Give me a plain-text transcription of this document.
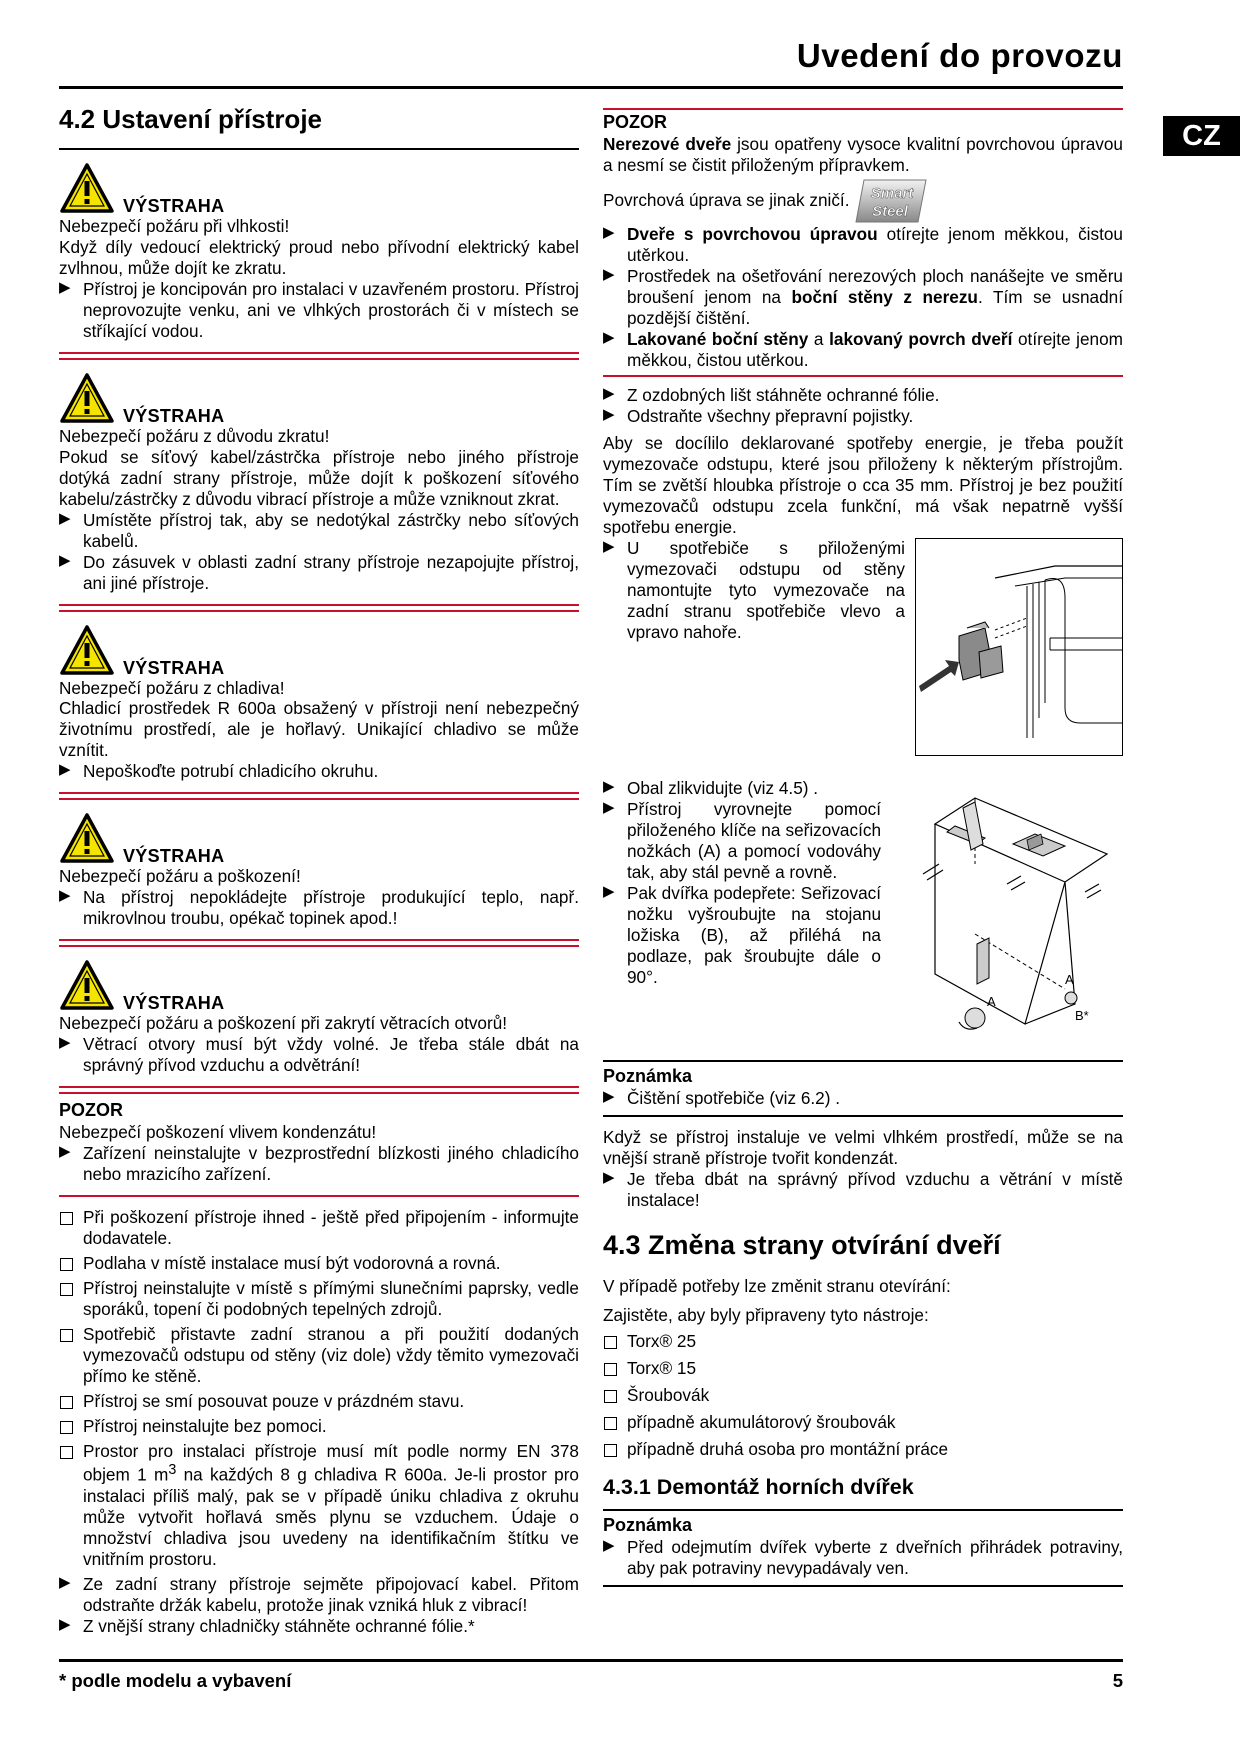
Uvedení do provozu
CZ
4.2 Ustavení přístroje
VÝSTRAHA
Nebezpečí požáru při vlhkosti!
Když díly vedoucí elektrický proud nebo přívodní elektrický kabel zvlhnou, může dojít ke zkratu.
▶ Přístroj je koncipován pro instalaci v uzavřeném prostoru. Přístroj neprovozujte venku, ani ve vlhkých prostorách či v místech se stříkající vodou.
VÝSTRAHA
Nebezpečí požáru z důvodu zkratu!
Pokud se síťový kabel/zástrčka přístroje nebo jiného přístroje dotýká zadní strany přístroje, může dojít k poškození síťového kabelu/zástrčky z důvodu vibrací přístroje a může vzniknout zkrat.
▶ Umístěte přístroj tak, aby se nedotýkal zástrčky nebo síťových kabelů.
▶ Do zásuvek v oblasti zadní strany přístroje nezapojujte přístroj, ani jiné přístroje.
VÝSTRAHA
Nebezpečí požáru z chladiva!
Chladicí prostředek R 600a obsažený v přístroji není nebezpečný životnímu prostředí, ale je hořlavý. Unikající chladivo se může vznítit.
▶ Nepoškoďte potrubí chladicího okruhu.
VÝSTRAHA
Nebezpečí požáru a poškození!
▶ Na přístroj nepokládejte přístroje produkující teplo, např. mikrovlnou troubu, opékač topinek apod.!
VÝSTRAHA
Nebezpečí požáru a poškození při zakrytí větracích otvorů!
▶ Větrací otvory musí být vždy volné. Je třeba stále dbát na správný přívod vzduchu a odvětrání!
POZOR
Nebezpečí poškození vlivem kondenzátu!
▶ Zařízení neinstalujte v bezprostřední blízkosti jiného chladicího nebo mrazicího zařízení.
Při poškození přístroje ihned - ještě před připojením - informujte dodavatele.
Podlaha v místě instalace musí být vodorovná a rovná.
Přístroj neinstalujte v místě s přímými slunečními paprsky, vedle sporáků, topení či podobných tepelných zdrojů.
Spotřebič přistavte zadní stranou a při použití dodaných vymezovačů odstupu od stěny (viz dole) vždy těmito vymezovači přímo ke stěně.
Přístroj se smí posouvat pouze v prázdném stavu.
Přístroj neinstalujte bez pomoci.
Prostor pro instalaci přístroje musí mít podle normy EN 378 objem 1 $m^3$ na každých 8 g chladiva R 600a. Je-li prostor pro instalaci příliš malý, pak se v případě úniku chladiva z okruhu může vytvořit hořlavá směs plynu se vzduchem. Údaje o množství chladiva jsou uvedeny na identifikačním štítku ve vnitřním prostoru.
▶ Ze zadní strany přístroje sejměte připojovací kabel. Přitom odstraňte držák kabelu, protože jinak vzniká hluk z vibrací!
▶ Z vnější strany chladničky stáhněte ochranné fólie.*
POZOR
Nerezové dveře jsou opatřeny vysoce kvalitní povrchovou úpravou a nesmí se čistit přiloženým přípravkem.
Povrchová úprava se jinak zničí. Smart
Steel
▶ Dveře s povrchovou úpravou otírejte jenom měkkou, čistou utěrkou.
▶ Prostředek na ošetřování nerezových ploch nanášejte ve směru broušení jenom na boční stěny z nerezu. Tím se usnadní pozdější čištění.
▶ Lakované boční stěny a lakovaný povrch dveří otírejte jenom měkkou, čistou utěrkou.
▶ Z ozdobných lišt stáhněte ochranné fólie.
▶ Odstraňte všechny přepravní pojistky.
Aby se docílilo deklarované spotřeby energie, je třeba použít vymezovače odstupu, které jsou přiloženy k některým přístrojům. Tím se zvětší hloubka přístroje o cca 35 mm. Přístroj je bez použití vymezovačů odstupu zcela funkční, má však nepatrně vyšší spotřebu energie.
▶ U spotřebiče s přiloženými vymezovači odstupu od stěny namontujte tyto vymezovače na zadní stranu spotřebiče vlevo a vpravo nahoře.
▶ Obal zlikvidujte (viz 4.5) .
▶ Přístroj vyrovnejte pomocí přiloženého klíče na seřizovacích nožkách (A) a pomocí vodováhy tak, aby stál pevně a rovně.
▶ Pak dvířka podepřete: Seřizovací nožku vyšroubujte na stojanu ložiska (B), až přiléhá na podlaze, pak šroubujte dále o 90°.
A
A
B*
Poznámka
▶ Čištění spotřebiče (viz 6.2) .
Když se přístroj instaluje ve velmi vlhkém prostředí, může se na vnější straně přístroje tvořit kondenzát.
▶ Je třeba dbát na správný přívod vzduchu a větrání v místě instalace!
4.3 Změna strany otvírání dveří
V případě potřeby lze změnit stranu otevírání:
Zajistěte, aby byly připraveny tyto nástroje:
Torx® 25
Torx® 15
Šroubovák
případně akumulátorový šroubovák
případně druhá osoba pro montážní práce
4.3.1 Demontáž horních dvířek
Poznámka
▶ Před odejmutím dvířek vyberte z dveřních přihrádek potraviny, aby pak potraviny nevypadávaly ven.
* podle modelu a vybavení	5
